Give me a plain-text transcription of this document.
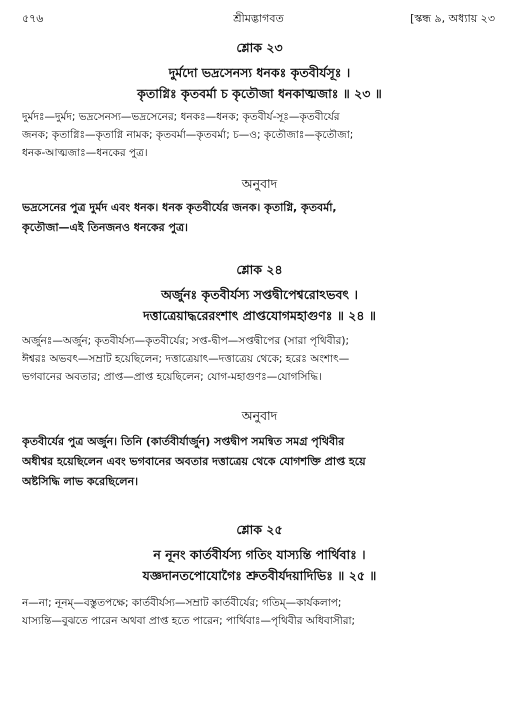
৫৭৬	শ্রীমদ্ভাগবত	[স্কন্ধ ৯, অধ্যায় ২৩
শ্লোক ২৩
দুর্মদো ভদ্রসেনস্য ধনকঃ কৃতবীর্যসূঃ ।
কৃতাগ্নিঃ কৃতবর্মা চ কৃতৌজা ধনকাত্মজাঃ ॥ ২৩ ॥
দুর্মদঃ—দুর্মদ; ভদ্রসেনস্য—ভদ্রসেনের; ধনকঃ—ধনক; কৃতবীর্য-সূঃ—কৃতবীর্যের
জনক; কৃতাগ্নিঃ—কৃতাগ্নি নামক; কৃতবর্মা—কৃতবর্মা; চ—ও; কৃতৌজাঃ—কৃতৌজা;
ধনক-আত্মজাঃ—ধনকের পুত্র।
অনুবাদ
ভদ্রসেনের পুত্র দুর্মদ এবং ধনক। ধনক কৃতবীর্যের জনক। কৃতাগ্নি, কৃতবর্মা,
কৃতৌজা—এই তিনজনও ধনকের পুত্র।
শ্লোক ২৪
অর্জুনঃ কৃতবীর্যস্য সপ্তদ্বীপেশ্বরোঽভবৎ ।
দত্তাত্রেয়াদ্ধরেরংশাৎ প্রাপ্তযোগমহাগুণঃ ॥ ২৪ ॥
অর্জুনঃ—অর্জুন; কৃতবীর্যস্য—কৃতবীর্যের; সপ্ত-দ্বীপ—সপ্তদ্বীপের (সারা পৃথিবীর);
ঈশ্বরঃ অভবৎ—সম্রাট হয়েছিলেন; দত্তাত্রেয়াৎ—দত্তাত্রেয় থেকে; হরেঃ অংশাৎ—
ভগবানের অবতার; প্রাপ্ত—প্রাপ্ত হয়েছিলেন; যোগ-মহাগুণঃ—যোগসিদ্ধি।
অনুবাদ
কৃতবীর্যের পুত্র অর্জুন। তিনি (কার্তবীর্যার্জুন) সপ্তদ্বীপ সমন্বিত সমগ্র পৃথিবীর
অধীশ্বর হয়েছিলেন এবং ভগবানের অবতার দত্তাত্রেয় থেকে যোগশক্তি প্রাপ্ত হয়ে
অষ্টসিদ্ধি লাভ করেছিলেন।
শ্লোক ২৫
ন নূনং কার্তবীর্যস্য গতিং যাস্যন্তি পার্থিবাঃ ।
যজ্ঞদানতপোযোগৈঃ শ্রুতবীর্যদয়াদিভিঃ ॥ ২৫ ॥
ন—না; নূনম্—বস্তুতপক্ষে; কার্তবীর্যস্য—সম্রাট কার্তবীর্যের; গতিম্—কার্যকলাপ;
যাস্যন্তি—বুঝতে পারেন অথবা প্রাপ্ত হতে পারেন; পার্থিবাঃ—পৃথিবীর অধিবাসীরা;
